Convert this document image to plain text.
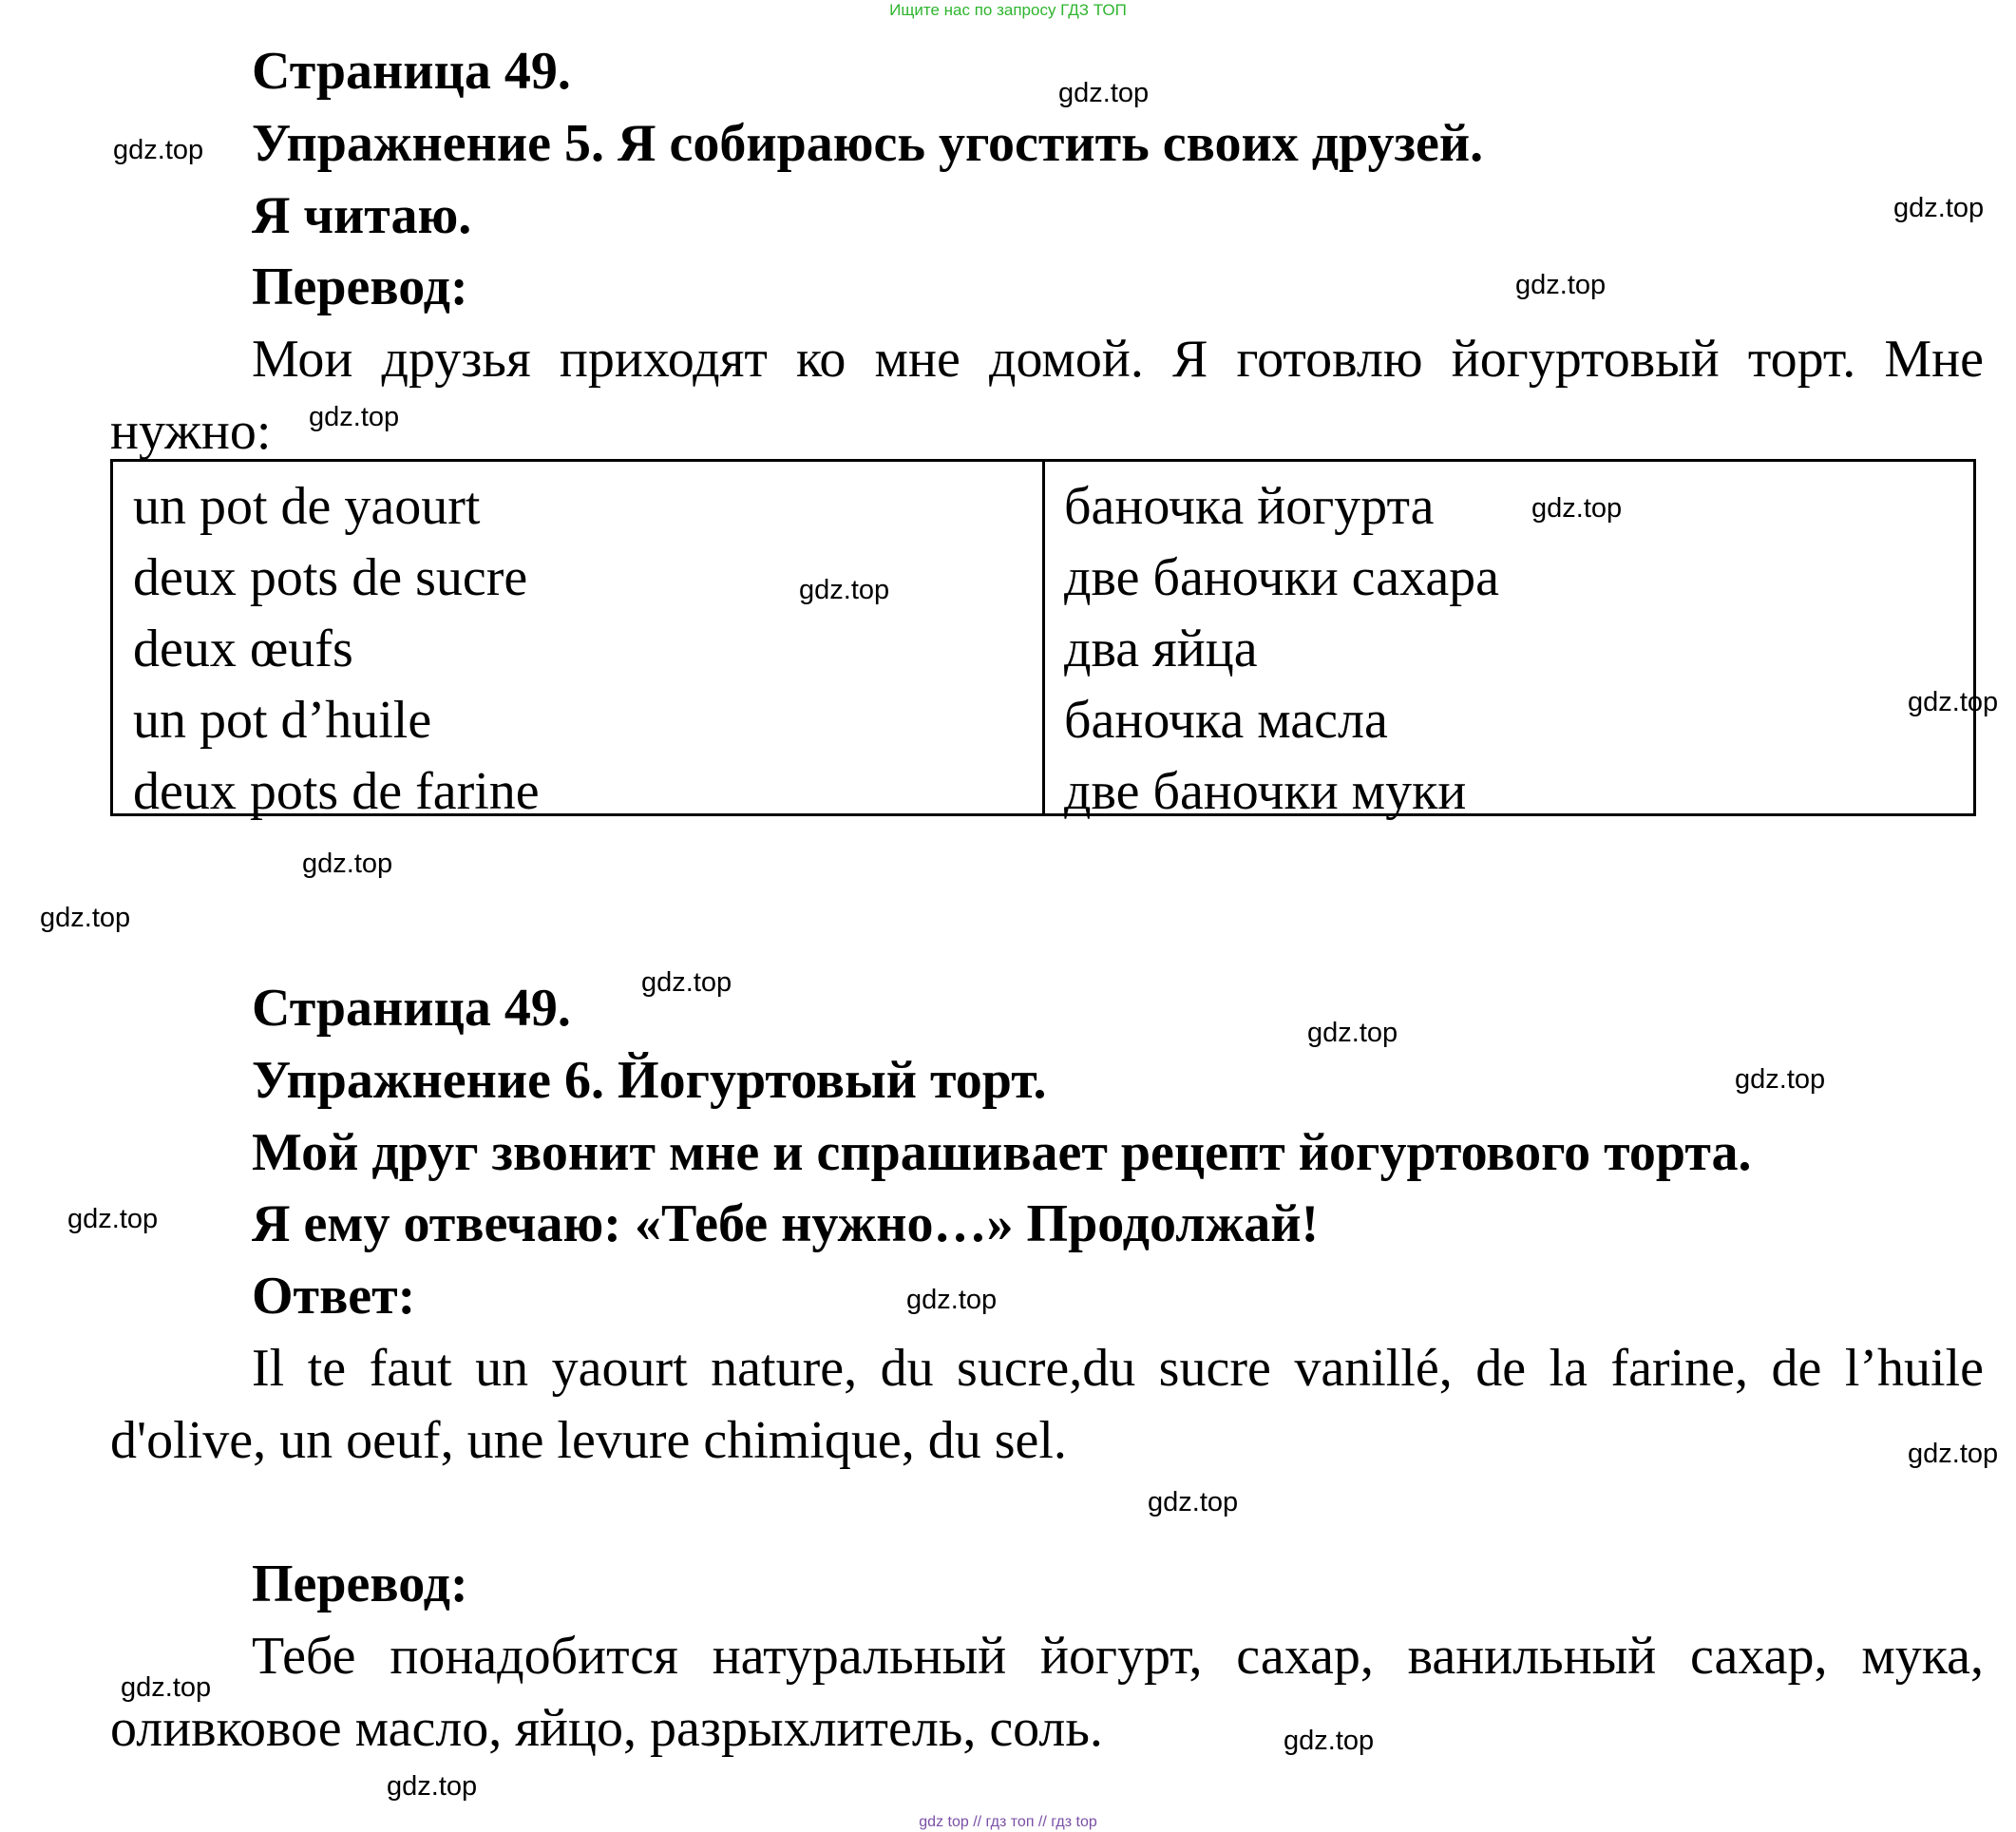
Ищите нас по запросу ГДЗ ТОП
Страница 49.
Упражнение 5. Я собираюсь угостить своих друзей.
Я читаю.
Перевод:
Мои друзья приходят ко мне домой. Я готовлю йогуртовый торт. Мне
нужно:
un pot de yaourt
deux pots de sucre
deux œufs
un pot d’huile
deux pots de farine
баночка йогурта
две баночки сахара
два яйца
баночка масла
две баночки муки
Страница 49.
Упражнение 6. Йогуртовый торт.
Мой друг звонит мне и спрашивает рецепт йогуртового торта.
Я ему отвечаю: «Тебе нужно…» Продолжай!
Ответ:
Il te faut un yaourt nature, du sucre,du sucre vanillé, de la farine, de l’huile
d'olive, un oeuf, une levure chimique, du sel.
Перевод:
Тебе понадобится натуральный йогурт, сахар, ванильный сахар, мука,
оливковое масло, яйцо, разрыхлитель, соль.
gdz.top
gdz.top
gdz.top
gdz.top
gdz.top
gdz.top
gdz.top
gdz.top
gdz.top
gdz.top
gdz.top
gdz.top
gdz.top
gdz.top
gdz.top
gdz.top
gdz.top
gdz.top
gdz.top
gdz.top
gdz top // гдз топ // гдз top
